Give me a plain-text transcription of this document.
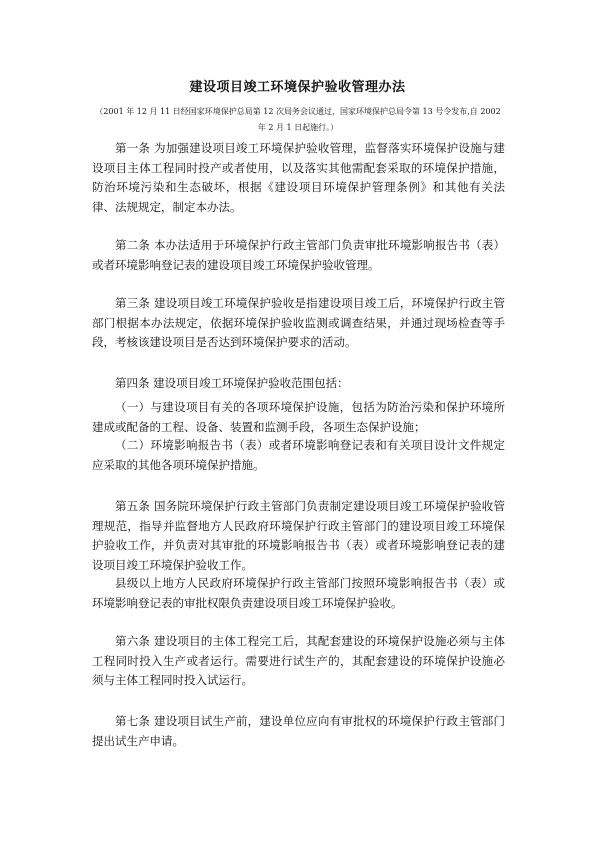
建设项目竣工环境保护验收管理办法
（2001 年 12 月 11 日经国家环境保护总局第 12 次局务会议通过，国家环境保护总局令第 13 号令发布,自 2002 年 2 月 1 日起施行。）
第一条 为加强建设项目竣工环境保护验收管理，监督落实环境保护设施与建设项目主体工程同时投产或者使用，以及落实其他需配套采取的环境保护措施，防治环境污染和生态破坏，根据《建设项目环境保护管理条例》和其他有关法律、法规规定，制定本办法。
第二条 本办法适用于环境保护行政主管部门负责审批环境影响报告书（表）或者环境影响登记表的建设项目竣工环境保护验收管理。
第三条 建设项目竣工环境保护验收是指建设项目竣工后，环境保护行政主管部门根据本办法规定，依据环境保护验收监测或调查结果，并通过现场检查等手段，考核该建设项目是否达到环境保护要求的活动。
第四条 建设项目竣工环境保护验收范围包括：
（一）与建设项目有关的各项环境保护设施，包括为防治污染和保护环境所建成或配备的工程、设备、装置和监测手段，各项生态保护设施；
（二）环境影响报告书（表）或者环境影响登记表和有关项目设计文件规定应采取的其他各项环境保护措施。
第五条 国务院环境保护行政主管部门负责制定建设项目竣工环境保护验收管理规范，指导并监督地方人民政府环境保护行政主管部门的建设项目竣工环境保护验收工作，并负责对其审批的环境影响报告书（表）或者环境影响登记表的建设项目竣工环境保护验收工作。
县级以上地方人民政府环境保护行政主管部门按照环境影响报告书（表）或环境影响登记表的审批权限负责建设项目竣工环境保护验收。
第六条 建设项目的主体工程完工后，其配套建设的环境保护设施必须与主体工程同时投入生产或者运行。需要进行试生产的，其配套建设的环境保护设施必须与主体工程同时投入试运行。
第七条 建设项目试生产前，建设单位应向有审批权的环境保护行政主管部门提出试生产申请。
